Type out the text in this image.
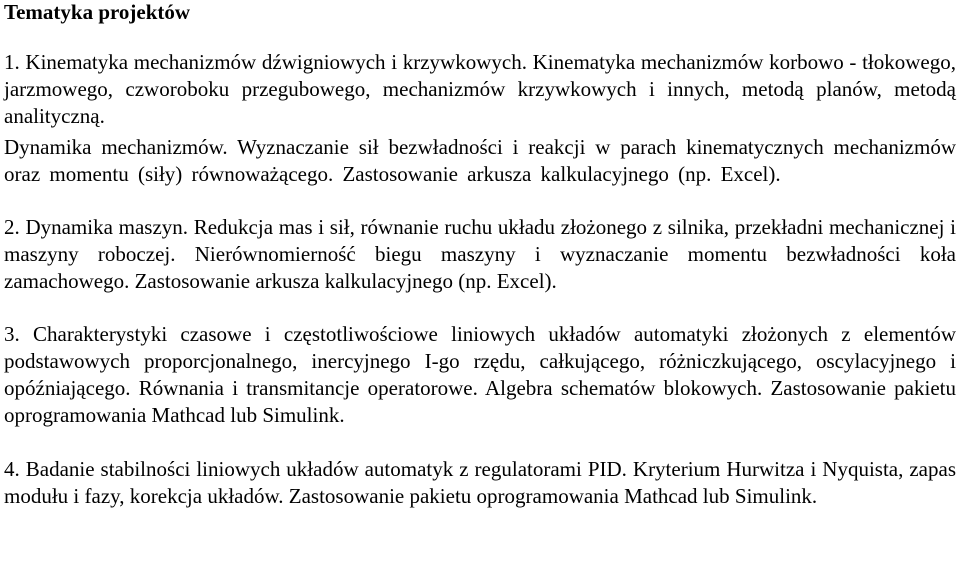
Tematyka projektów

1. Kinematyka mechanizmów dźwigniowych i krzywkowych. Kinematyka mechanizmów korbowo - tłokowego, jarzmowego, czworoboku przegubowego, mechanizmów krzywkowych i innych, metodą planów, metodą analityczną.

Dynamika mechanizmów. Wyznaczanie sił bezwładności i reakcji w parach kinematycznych mechanizmów oraz momentu (siły) równoważącego. Zastosowanie arkusza kalkulacyjnego (np. Excel).

2. Dynamika maszyn. Redukcja mas i sił, równanie ruchu układu złożonego z silnika, przekładni mechanicznej i maszyny roboczej. Nierównomierność biegu maszyny i wyznaczanie momentu bezwładności koła zamachowego. Zastosowanie arkusza kalkulacyjnego (np. Excel).

3. Charakterystyki czasowe i częstotliwościowe liniowych układów automatyki złożonych z elementów podstawowych proporcjonalnego, inercyjnego I-go rzędu, całkującego, różniczkującego, oscylacyjnego i opóźniającego. Równania i transmitancje operatorowe. Algebra schematów blokowych. Zastosowanie pakietu oprogramowania Mathcad lub Simulink.

4. Badanie stabilności liniowych układów automatyk z regulatorami PID. Kryterium Hurwitza i Nyquista, zapas modułu i fazy, korekcja układów. Zastosowanie pakietu oprogramowania Mathcad lub Simulink.
